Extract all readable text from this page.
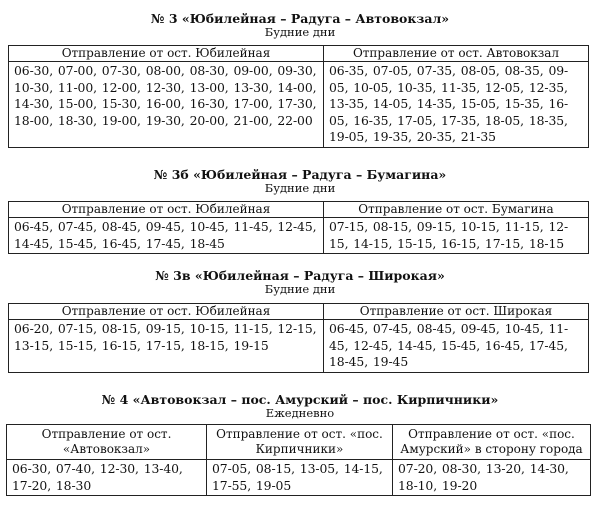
№ 3 «Юбилейная – Радуга – Автовокзал»
Будние дни
Отправление от ост. Юбилейная	Отправление от ост. Автовокзал
06-30, 07-00, 07-30, 08-00, 08-30, 09-00, 09-30, 10-30, 11-00, 12-00, 12-30, 13-00, 13-30, 14-00, 14-30, 15-00, 15-30, 16-00, 16-30, 17-00, 17-30, 18-00, 18-30, 19-00, 19-30, 20-00, 21-00, 22-00	06-35, 07-05, 07-35, 08-05, 08-35, 09-05, 10-05, 10-35, 11-35, 12-05, 12-35, 13-35, 14-05, 14-35, 15-05, 15-35, 16-05, 16-35, 17-05, 17-35, 18-05, 18-35, 19-05, 19-35, 20-35, 21-35
№ 3б «Юбилейная – Радуга – Бумагина»
Будние дни
Отправление от ост. Юбилейная	Отправление от ост. Бумагина
06-45, 07-45, 08-45, 09-45, 10-45, 11-45, 12-45, 14-45, 15-45, 16-45, 17-45, 18-45	07-15, 08-15, 09-15, 10-15, 11-15, 12-15, 14-15, 15-15, 16-15, 17-15, 18-15
№ 3в «Юбилейная – Радуга – Широкая»
Будние дни
Отправление от ост. Юбилейная	Отправление от ост. Широкая
06-20, 07-15, 08-15, 09-15, 10-15, 11-15, 12-15, 13-15, 15-15, 16-15, 17-15, 18-15, 19-15	06-45, 07-45, 08-45, 09-45, 10-45, 11-45, 12-45, 14-45, 15-45, 16-45, 17-45, 18-45, 19-45
№ 4 «Автовокзал – пос. Амурский – пос. Кирпичники»
Ежедневно
Отправление от ост. «Автовокзал»	Отправление от ост. «пос. Кирпичники»	Отправление от ост. «пос. Амурский» в сторону города
06-30, 07-40, 12-30, 13-40, 17-20, 18-30	07-05, 08-15, 13-05, 14-15, 17-55, 19-05	07-20, 08-30, 13-20, 14-30, 18-10, 19-20
